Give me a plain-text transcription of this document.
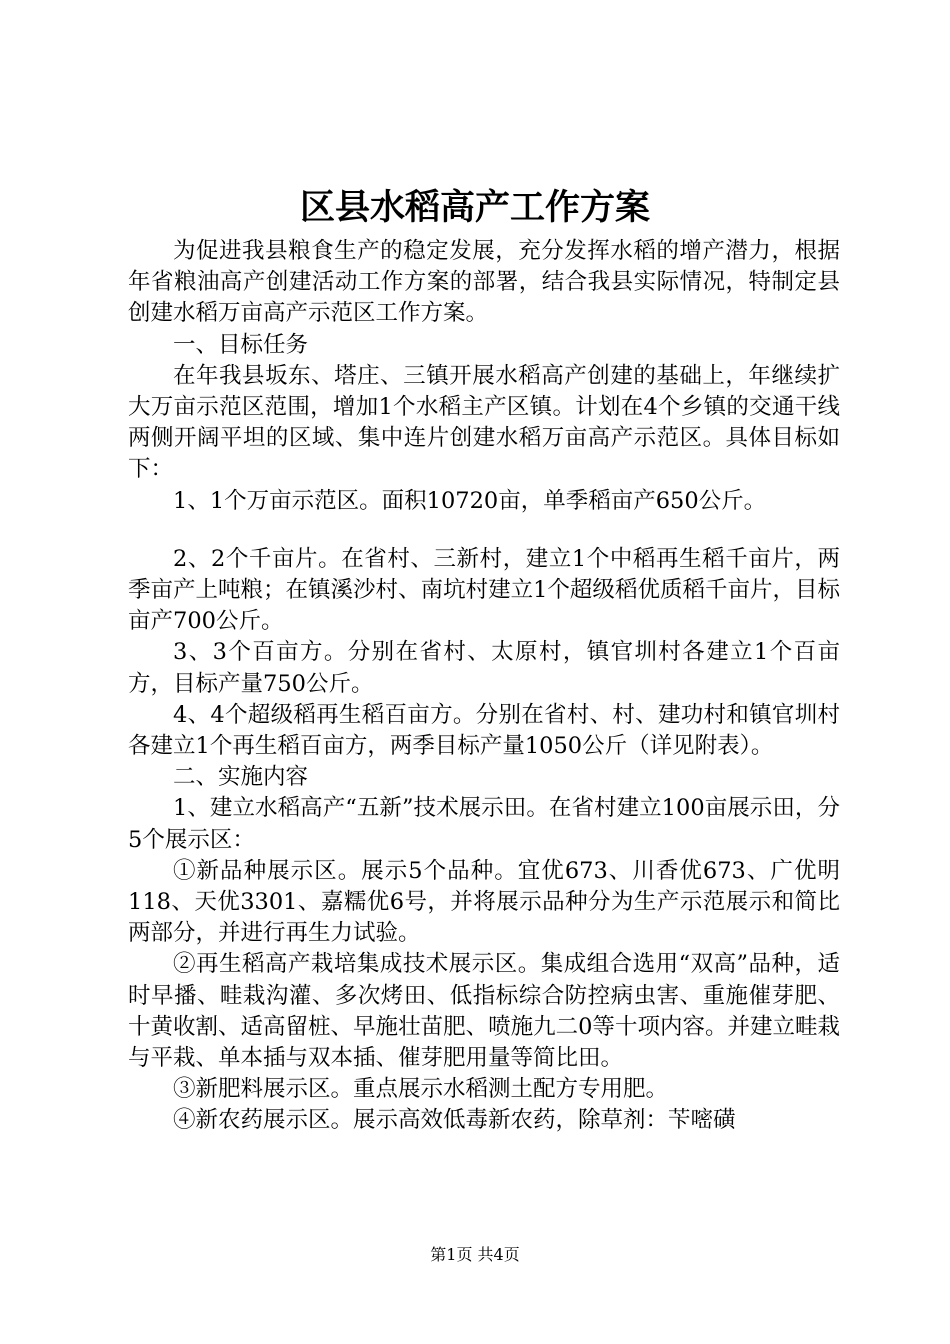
区县水稻高产工作方案

为促进我县粮食生产的稳定发展，充分发挥水稻的增产潜力，根据年省粮油高产创建活动工作方案的部署，结合我县实际情况，特制定县创建水稻万亩高产示范区工作方案。

一、目标任务

在年我县坂东、塔庄、三镇开展水稻高产创建的基础上，年继续扩大万亩示范区范围，增加1个水稻主产区镇。计划在4个乡镇的交通干线两侧开阔平坦的区域、集中连片创建水稻万亩高产示范区。具体目标如下：

1、1个万亩示范区。面积10720亩，单季稻亩产650公斤。

2、2个千亩片。在省村、三新村，建立1个中稻再生稻千亩片，两季亩产上吨粮；在镇溪沙村、南坑村建立1个超级稻优质稻千亩片，目标亩产700公斤。

3、3个百亩方。分别在省村、太原村，镇官圳村各建立1个百亩方，目标产量750公斤。

4、4个超级稻再生稻百亩方。分别在省村、村、建功村和镇官圳村各建立1个再生稻百亩方，两季目标产量1050公斤（详见附表）。

二、实施内容

1、建立水稻高产“五新”技术展示田。在省村建立100亩展示田，分5个展示区：

①新品种展示区。展示5个品种。宜优673、川香优673、广优明118、天优3301、嘉糯优6号，并将展示品种分为生产示范展示和简比两部分，并进行再生力试验。

②再生稻高产栽培集成技术展示区。集成组合选用“双高”品种，适时早播、畦栽沟灌、多次烤田、低指标综合防控病虫害、重施催芽肥、十黄收割、适高留桩、早施壮苗肥、喷施九二0等十项内容。并建立畦栽与平栽、单本插与双本插、催芽肥用量等简比田。

③新肥料展示区。重点展示水稻测土配方专用肥。

④新农药展示区。展示高效低毒新农药，除草剂：苄嘧磺

第1页 共4页
